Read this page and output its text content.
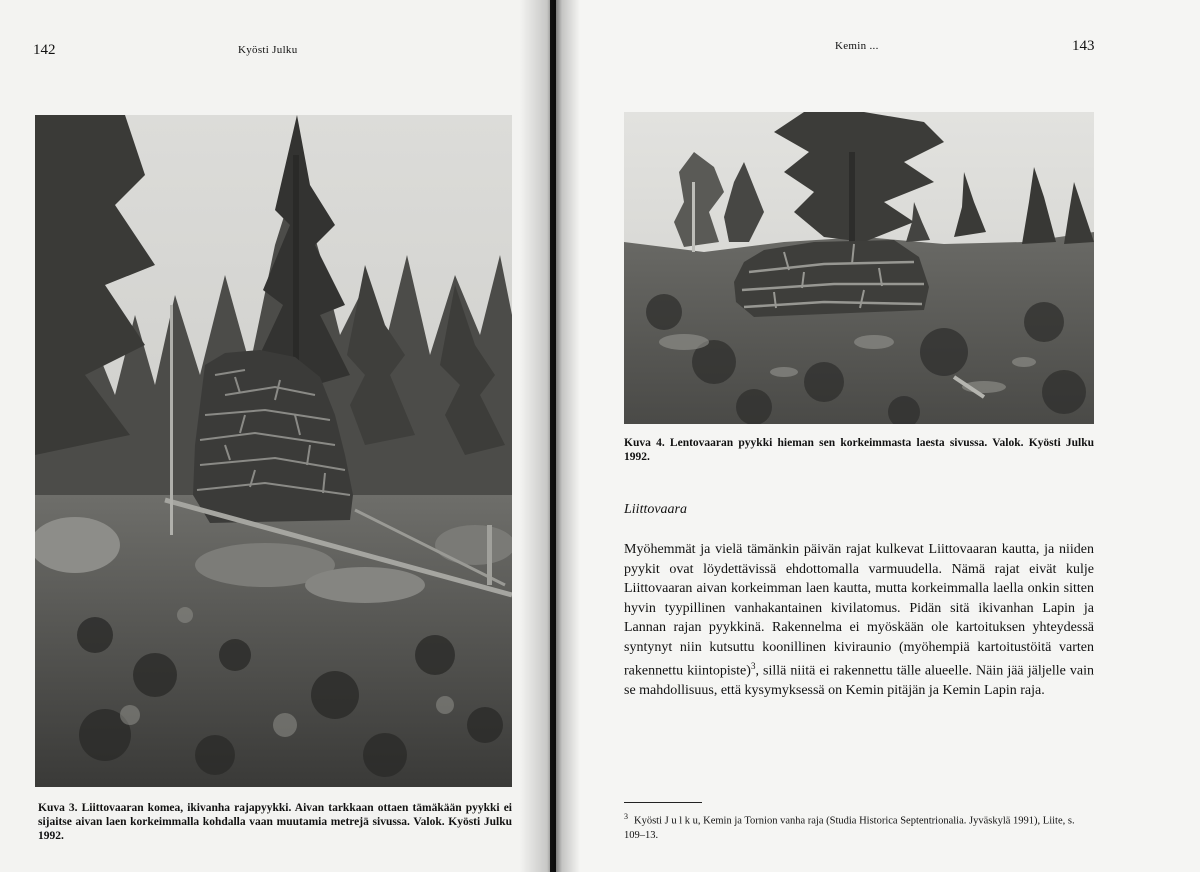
142	Kyösti Julku
Kuva 3. Liittovaaran komea, ikivanha rajapyykki. Aivan tarkkaan ottaen tämäkään pyykki ei sijaitse aivan laen korkeimmalla kohdalla vaan muutamia metrejä sivussa. Valok. Kyösti Julku 1992.
Kemin ...	143
Kuva 4. Lentovaaran pyykki hieman sen korkeimmasta laesta sivussa. Valok. Kyösti Julku 1992.
Liittovaara

Myöhemmät ja vielä tämänkin päivän rajat kulkevat Liittovaaran kautta, ja niiden pyykit ovat löydettävissä ehdottomalla varmuudella. Nämä rajat eivät kulje Liittovaaran aivan korkeimman laen kautta, mutta korkeimmalla laella onkin sitten hyvin tyypillinen vanhakantainen kivilatomus. Pidän sitä ikivanhan Lapin ja Lannan rajan pyykkinä. Rakennelma ei myöskään ole kartoituksen yhteydessä syntynyt niin kutsuttu koonillinen kiviraunio (myöhempiä kartoitustöitä varten rakennettu kiintopiste)$^3$, sillä niitä ei rakennettu tälle alueelle. Näin jää jäljelle vain se mahdollisuus, että kysymyksessä on Kemin pitäjän ja Kemin Lapin raja.

$^3$ Kyösti J u l k u, Kemin ja Tornion vanha raja (Studia Historica Septentrionalia. Jyväskylä 1991), Liite, s. 109–13.
